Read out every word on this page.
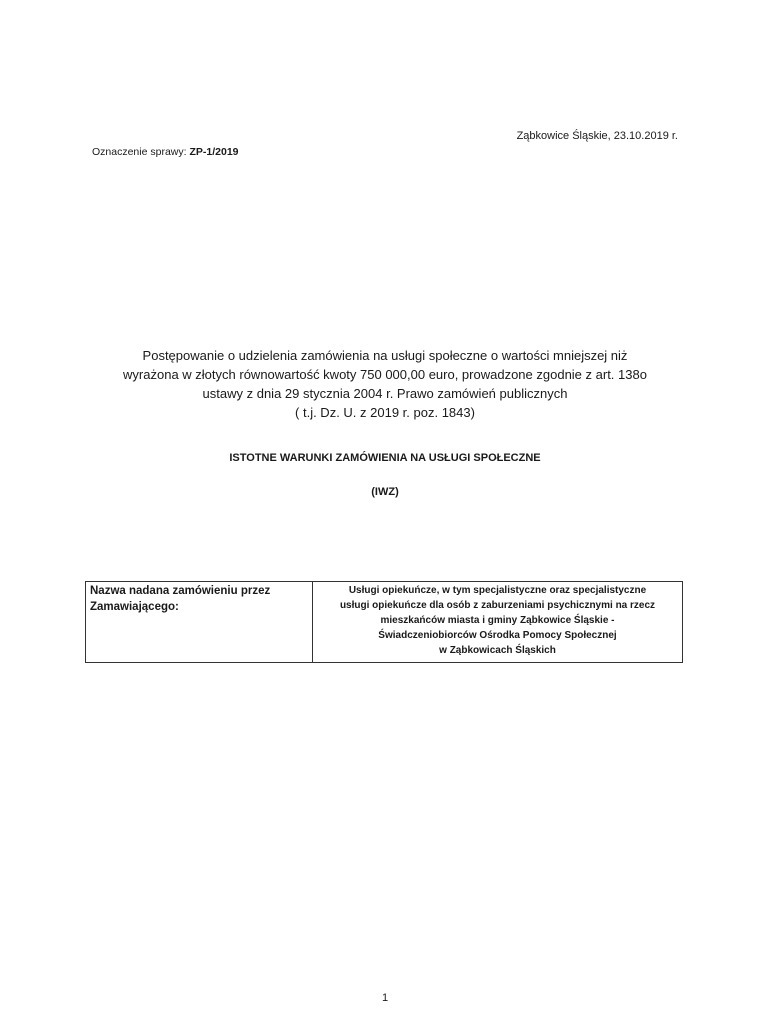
Ząbkowice Śląskie, 23.10.2019 r.
Oznaczenie sprawy: ZP-1/2019
Postępowanie o udzielenia zamówienia na usługi społeczne o wartości mniejszej niż
wyrażona w złotych równowartość kwoty 750 000,00 euro, prowadzone zgodnie z art. 138o
ustawy z dnia 29 stycznia 2004 r. Prawo zamówień publicznych
( t.j. Dz. U. z 2019 r. poz. 1843)
ISTOTNE WARUNKI ZAMÓWIENIA NA USŁUGI SPOŁECZNE
(IWZ)
Nazwa nadana zamówieniu przez Zamawiającego:	
Usługi opiekuńcze, w tym specjalistyczne oraz specjalistyczne
usługi opiekuńcze dla osób z zaburzeniami psychicznymi na rzecz
mieszkańców miasta i gminy Ząbkowice Śląskie -
Świadczeniobiorców Ośrodka Pomocy Społecznej
w Ząbkowicach Śląskich
1
